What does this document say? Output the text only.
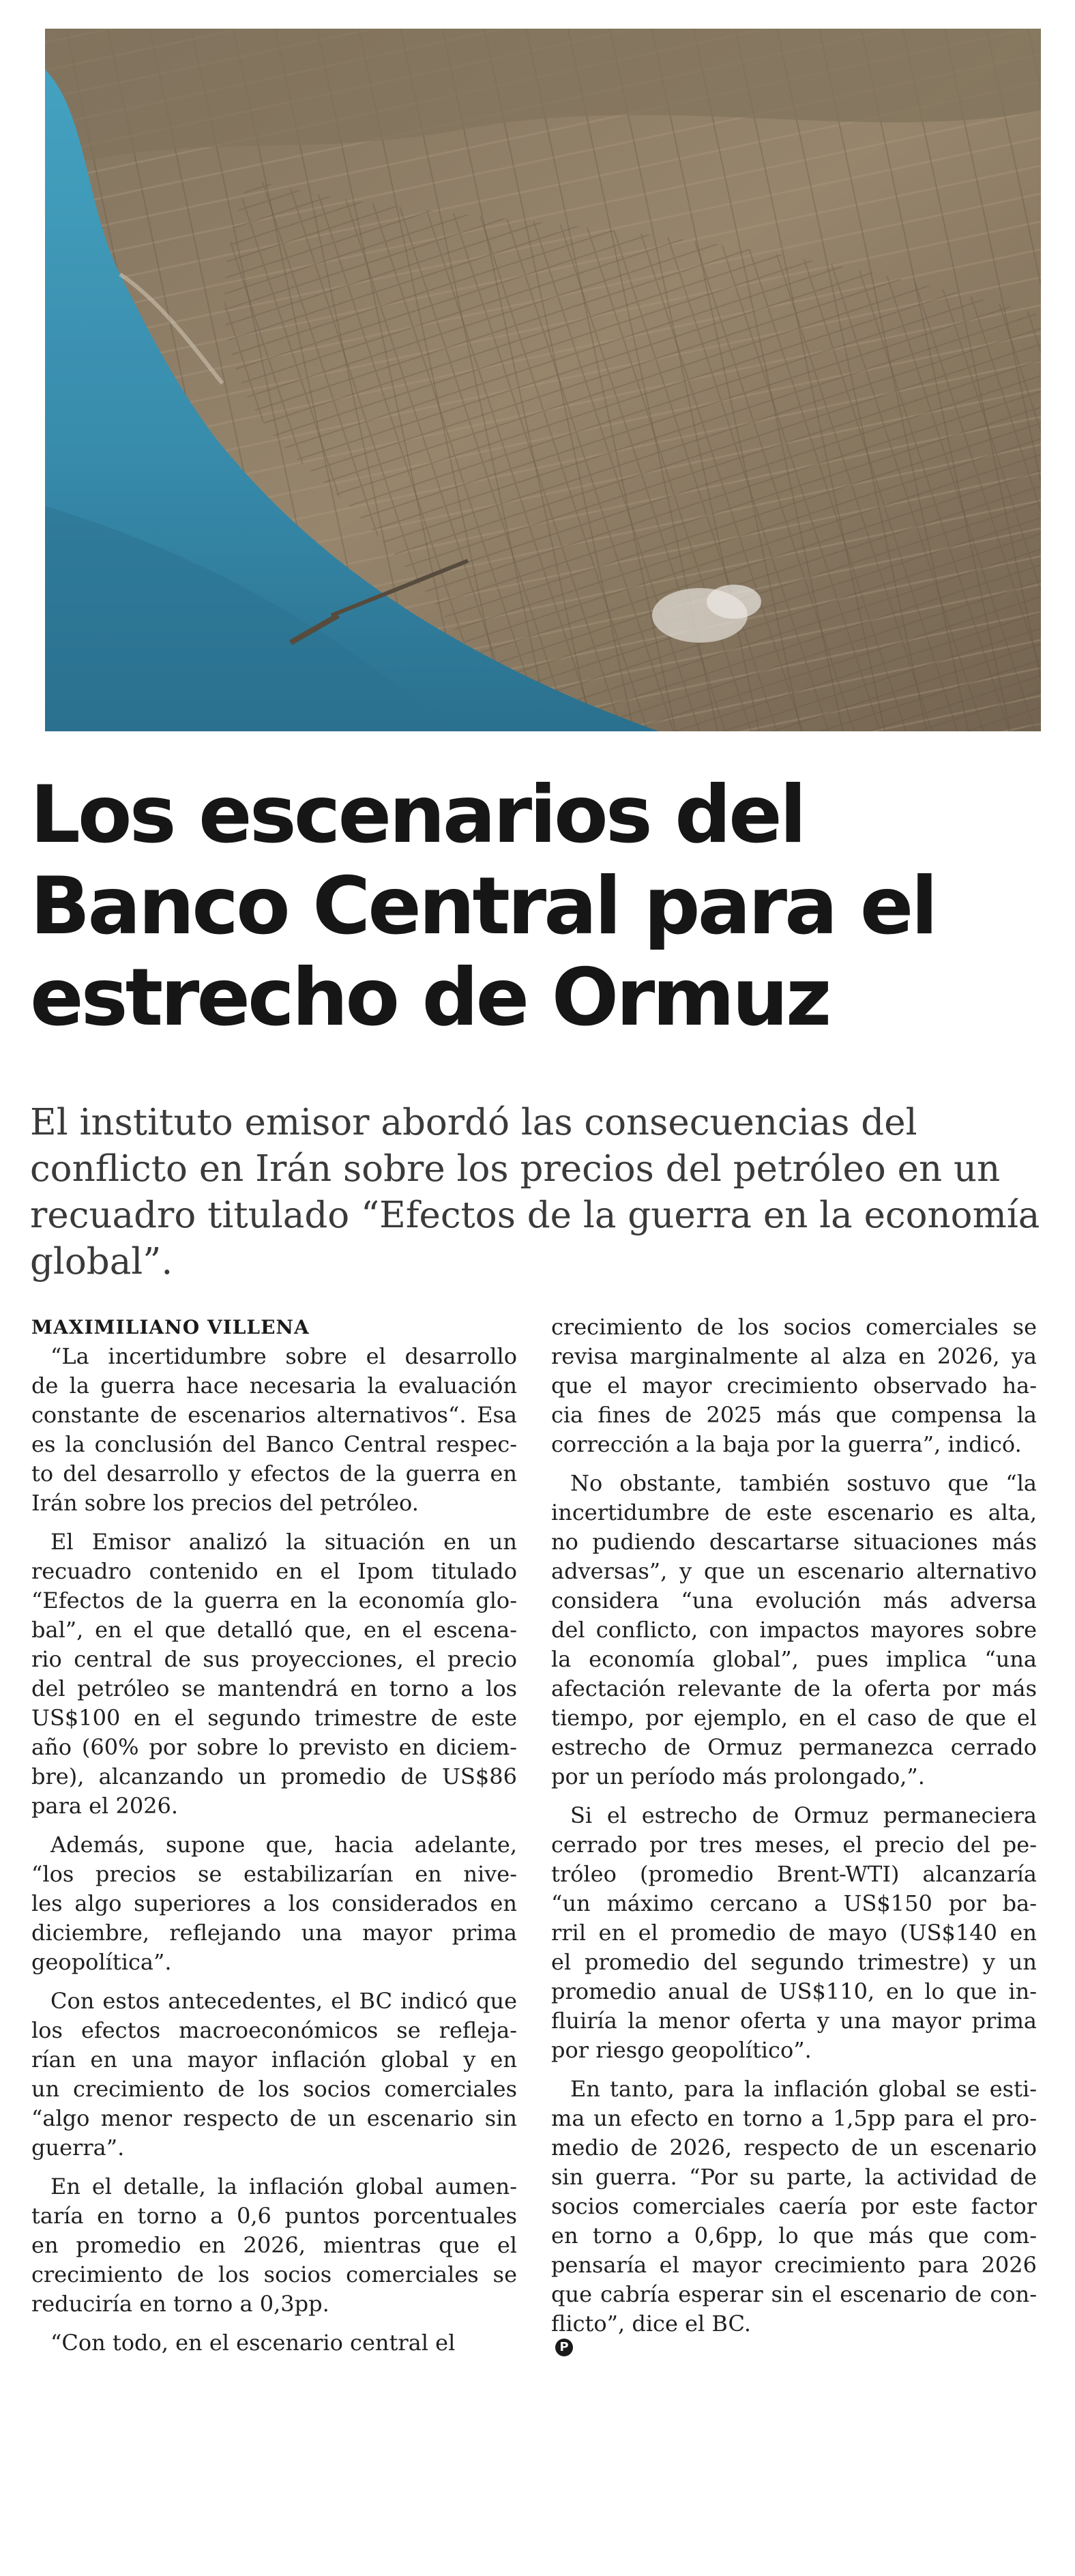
Los escenarios del
Banco Central para el
estrecho de Ormuz

El instituto emisor abordó las consecuencias del
conflicto en Irán sobre los precios del petróleo en un
recuadro titulado “Efectos de la guerra en la economía
global”.

MAXIMILIANO VILLENA

“La incertidumbre sobre el desarrollo
de la guerra hace necesaria la evaluación
constante de escenarios alternativos“. Esa
es la conclusión del Banco Central respec-
to del desarrollo y efectos de la guerra en
Irán sobre los precios del petróleo.

El Emisor analizó la situación en un
recuadro contenido en el Ipom titulado
“Efectos de la guerra en la economía glo-
bal”, en el que detalló que, en el escena-
rio central de sus proyecciones, el precio
del petróleo se mantendrá en torno a los
US$100 en el segundo trimestre de este
año (60% por sobre lo previsto en diciem-
bre), alcanzando un promedio de US$86
para el 2026.

Además, supone que, hacia adelante,
“los precios se estabilizarían en nive-
les algo superiores a los considerados en
diciembre, reflejando una mayor prima
geopolítica”.

Con estos antecedentes, el BC indicó que
los efectos macroeconómicos se refleja-
rían en una mayor inflación global y en
un crecimiento de los socios comerciales
“algo menor respecto de un escenario sin
guerra”.

En el detalle, la inflación global aumen-
taría en torno a 0,6 puntos porcentuales
en promedio en 2026, mientras que el
crecimiento de los socios comerciales se
reduciría en torno a 0,3pp.

“Con todo, en el escenario central el

crecimiento de los socios comerciales se
revisa marginalmente al alza en 2026, ya
que el mayor crecimiento observado ha-
cia fines de 2025 más que compensa la
corrección a la baja por la guerra”, indicó.

No obstante, también sostuvo que “la
incertidumbre de este escenario es alta,
no pudiendo descartarse situaciones más
adversas”, y que un escenario alternativo
considera “una evolución más adversa
del conflicto, con impactos mayores sobre
la economía global”, pues implica “una
afectación relevante de la oferta por más
tiempo, por ejemplo, en el caso de que el
estrecho de Ormuz permanezca cerrado
por un período más prolongado,”.

Si el estrecho de Ormuz permaneciera
cerrado por tres meses, el precio del pe-
tróleo (promedio Brent-WTI) alcanzaría
“un máximo cercano a US$150 por ba-
rril en el promedio de mayo (US$140 en
el promedio del segundo trimestre) y un
promedio anual de US$110, en lo que in-
fluiría la menor oferta y una mayor prima
por riesgo geopolítico”.

En tanto, para la inflación global se esti-
ma un efecto en torno a 1,5pp para el pro-
medio de 2026, respecto de un escenario
sin guerra. “Por su parte, la actividad de
socios comerciales caería por este factor
en torno a 0,6pp, lo que más que com-
pensaría el mayor crecimiento para 2026
que cabría esperar sin el escenario de con-
flicto”, dice el BC.
P
